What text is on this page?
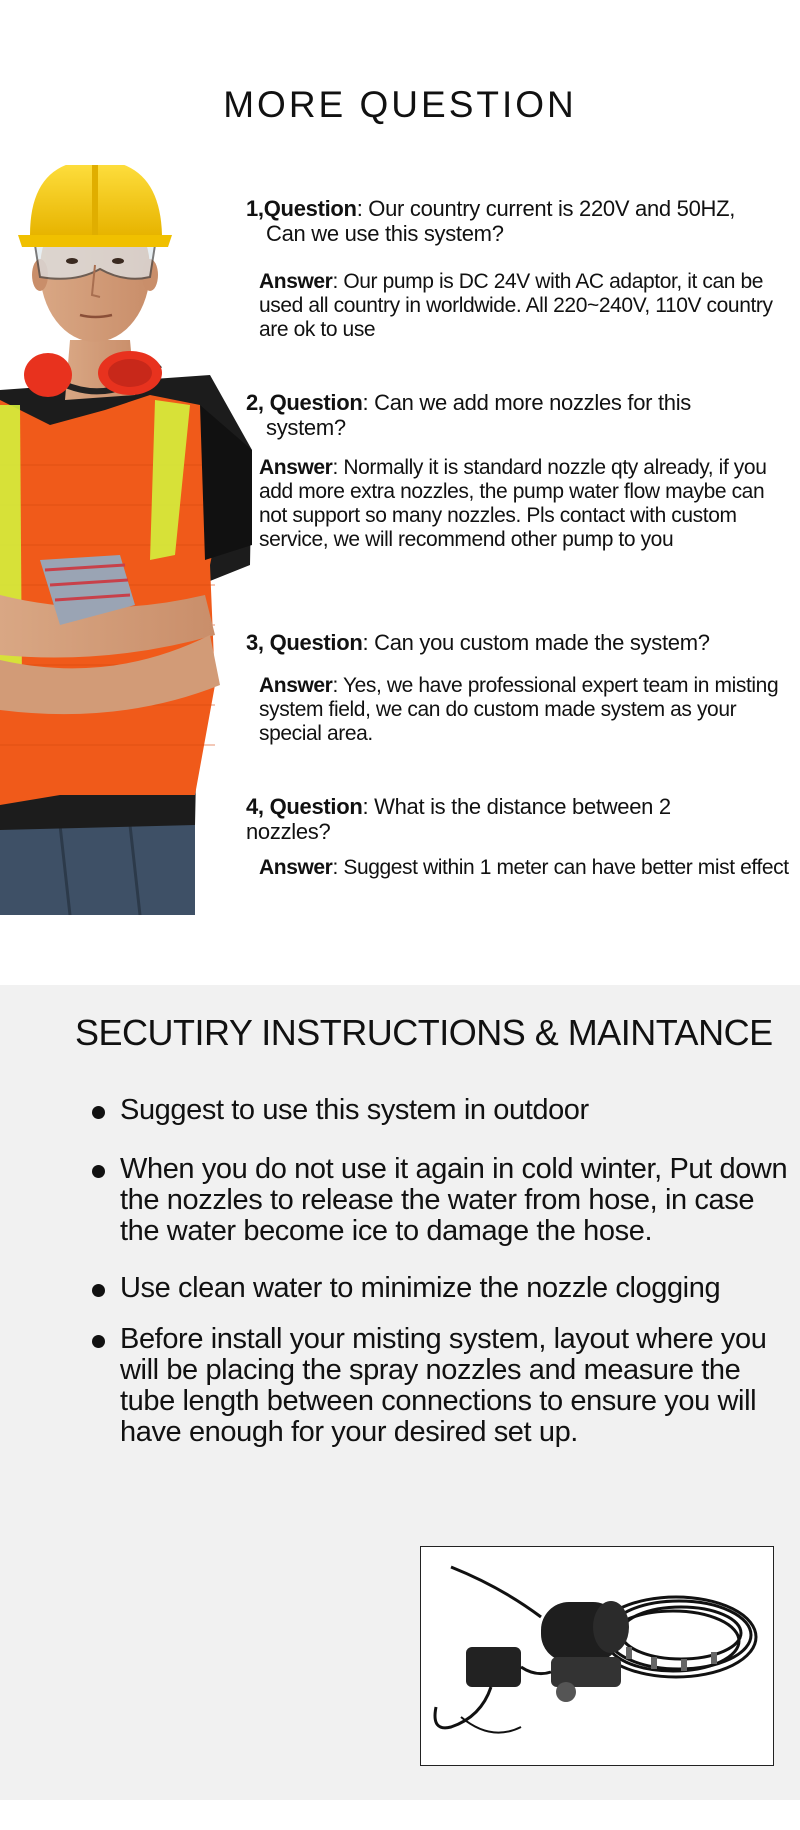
MORE QUESTION
1,Question: Our country current is 220V and 50HZ,
Can we use this system?
Answer: Our pump is DC 24V with AC adaptor, it can be used all country in worldwide. All 220~240V, 110V country are ok to use
2, Question: Can we add more nozzles for this
system?
Answer: Normally it is standard nozzle qty already, if you add more extra nozzles, the pump water flow maybe can not support so many nozzles. Pls contact with custom service, we will recommend other pump to you
3, Question: Can you custom made the system?
Answer: Yes, we have professional expert team in misting system field, we can do custom made system as your special area.
4, Question: What is the distance between 2
nozzles?
Answer: Suggest within 1 meter can have better mist effect
SECUTIRY INSTRUCTIONS & MAINTANCE
Suggest to use this system in outdoor
When you do not use it again in cold winter, Put down the nozzles to release the water from hose, in case the water become ice to damage the hose.
Use clean water to minimize the nozzle clogging
Before install your misting system, layout where you will be placing the spray nozzles and measure the tube length between connections to ensure you will have enough for your desired set up.
